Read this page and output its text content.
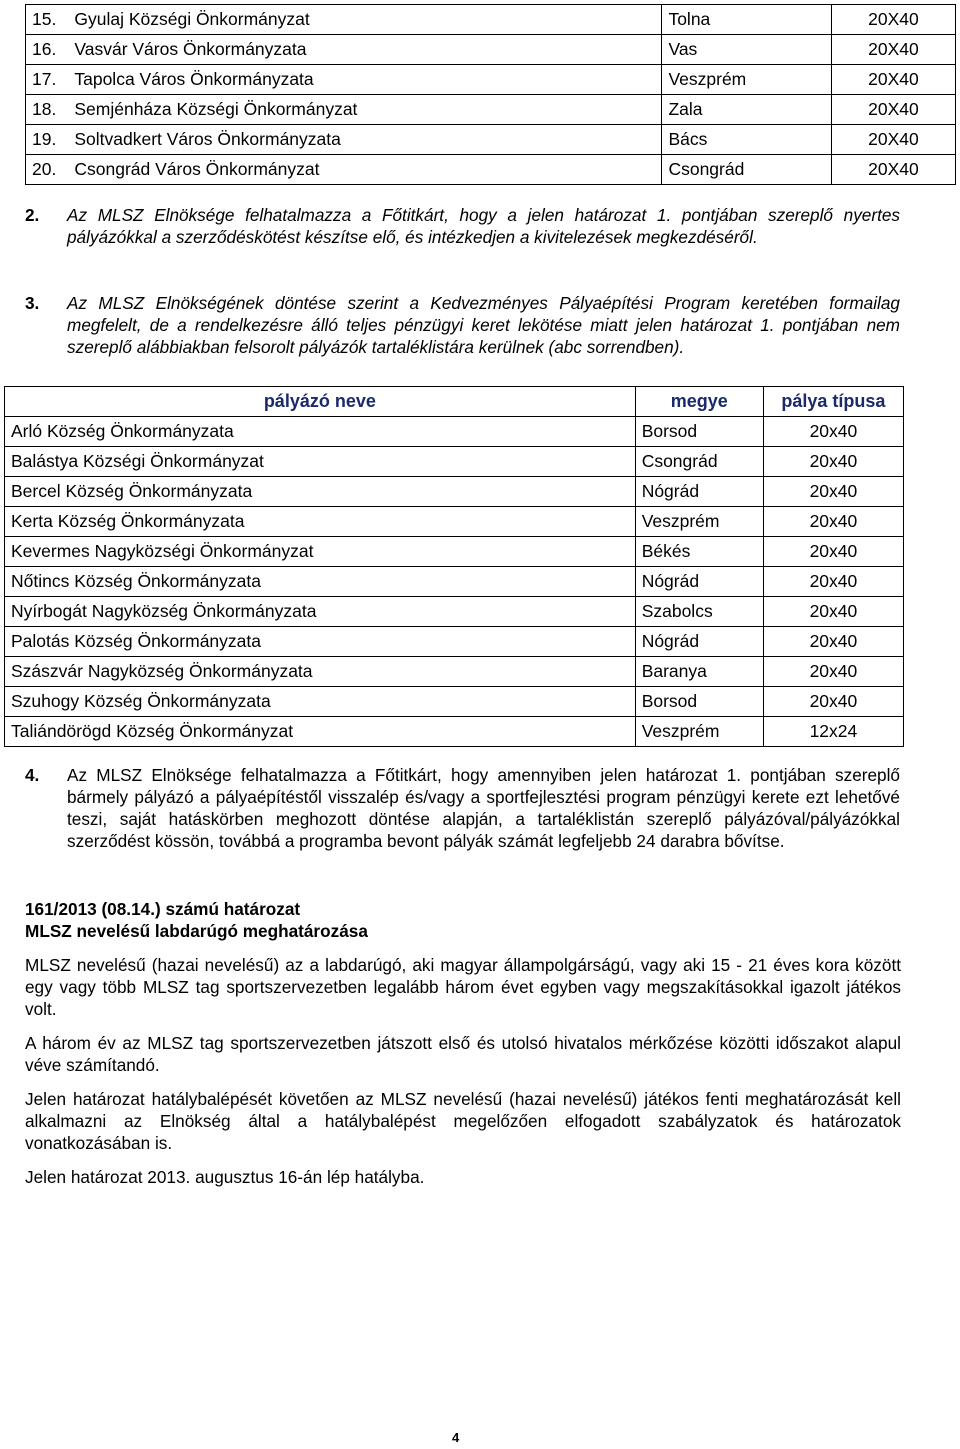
15.	Gyulaj Községi Önkormányzat	Tolna	20X40
16.	Vasvár Város Önkormányzata	Vas	20X40
17.	Tapolca Város Önkormányzata	Veszprém	20X40
18.	Semjénháza Községi Önkormányzat	Zala	20X40
19.	Soltvadkert Város Önkormányzata	Bács	20X40
20.	Csongrád Város Önkormányzat	Csongrád	20X40
2. Az MLSZ Elnöksége felhatalmazza a Főtitkárt, hogy a jelen határozat 1. pontjában szereplő nyertes pályázókkal a szerződéskötést készítse elő, és intézkedjen a kivitelezések megkezdéséről.
3. Az MLSZ Elnökségének döntése szerint a Kedvezményes Pályaépítési Program keretében formailag megfelelt, de a rendelkezésre álló teljes pénzügyi keret lekötése miatt jelen határozat 1. pontjában nem szereplő alábbiakban felsorolt pályázók tartaléklistára kerülnek (abc sorrendben).
pályázó neve	megye	pálya típusa
Arló Község Önkormányzata	Borsod	20x40
Balástya Községi Önkormányzat	Csongrád	20x40
Bercel Község Önkormányzata	Nógrád	20x40
Kerta Község Önkormányzata	Veszprém	20x40
Kevermes Nagyközségi Önkormányzat	Békés	20x40
Nőtincs Község Önkormányzata	Nógrád	20x40
Nyírbogát Nagyközség Önkormányzata	Szabolcs	20x40
Palotás Község Önkormányzata	Nógrád	20x40
Szászvár Nagyközség Önkormányzata	Baranya	20x40
Szuhogy Község Önkormányzata	Borsod	20x40
Taliándörögd Község Önkormányzat	Veszprém	12x24
4. Az MLSZ Elnöksége felhatalmazza a Főtitkárt, hogy amennyiben jelen határozat 1. pontjában szereplő bármely pályázó a pályaépítéstől visszalép és/vagy a sportfejlesztési program pénzügyi kerete ezt lehetővé teszi, saját hatáskörben meghozott döntése alapján, a tartaléklistán szereplő pályázóval/pályázókkal szerződést kössön, továbbá a programba bevont pályák számát legfeljebb 24 darabra bővítse.
161/2013 (08.14.) számú határozat
MLSZ nevelésű labdarúgó meghatározása
MLSZ nevelésű (hazai nevelésű) az a labdarúgó, aki magyar állampolgárságú, vagy aki 15 - 21 éves kora között egy vagy több MLSZ tag sportszervezetben legalább három évet egyben vagy megszakításokkal igazolt játékos volt.
A három év az MLSZ tag sportszervezetben játszott első és utolsó hivatalos mérkőzése közötti időszakot alapul véve számítandó.
Jelen határozat hatálybalépését követően az MLSZ nevelésű (hazai nevelésű) játékos fenti meghatározását kell alkalmazni az Elnökség által a hatálybalépést megelőzően elfogadott szabályzatok és határozatok vonatkozásában is.
Jelen határozat 2013. augusztus 16-án lép hatályba.
4
